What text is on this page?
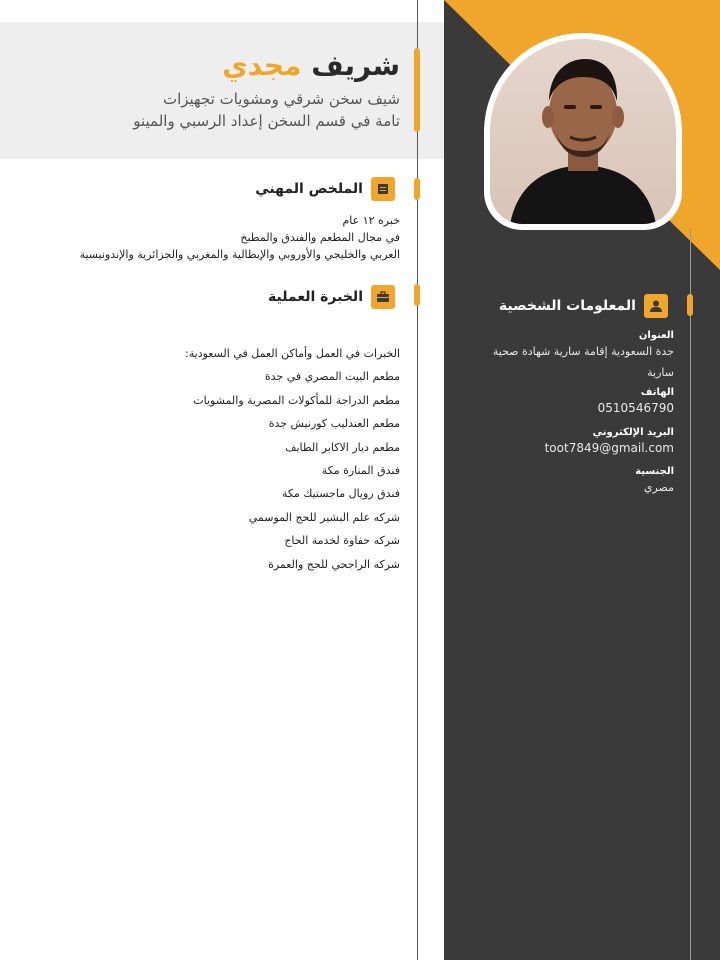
المعلومات الشخصية
العنوان
جدة السعودية إقامة سارية شهادة صحية
سارية
الهاتف
0510546790
البريد الإلكتروني
toot7849@gmail.com
الجنسية
مصري
شريف مجدي
شيف سخن شرقي ومشويات تجهيزات
تامة في قسم السخن إعداد الرسبي والمينو
الملخص المهني
خبره ١٢ عام
في مجال المطعم والفندق والمطبخ
العربي والخليجي والأوروبي والإيطالية والمغربي والجزائرية والإندونيسية
الخبرة العملية
الخبرات في العمل وأماكن العمل في السعودية:
مطعم البيت المصري في جدة
مطعم الدراجة للمأكولات المصرية والمشويات
مطعم العندليب كورنيش جدة
مطعم ديار الاكابر الطايف
فندق المنارة مكة
فندق رويال ماجستيك مكة
شركه علم البشير للحج الموسمي
شركه حفاوة لخدمة الحاج
شركه الراجحي للحج والعمرة
